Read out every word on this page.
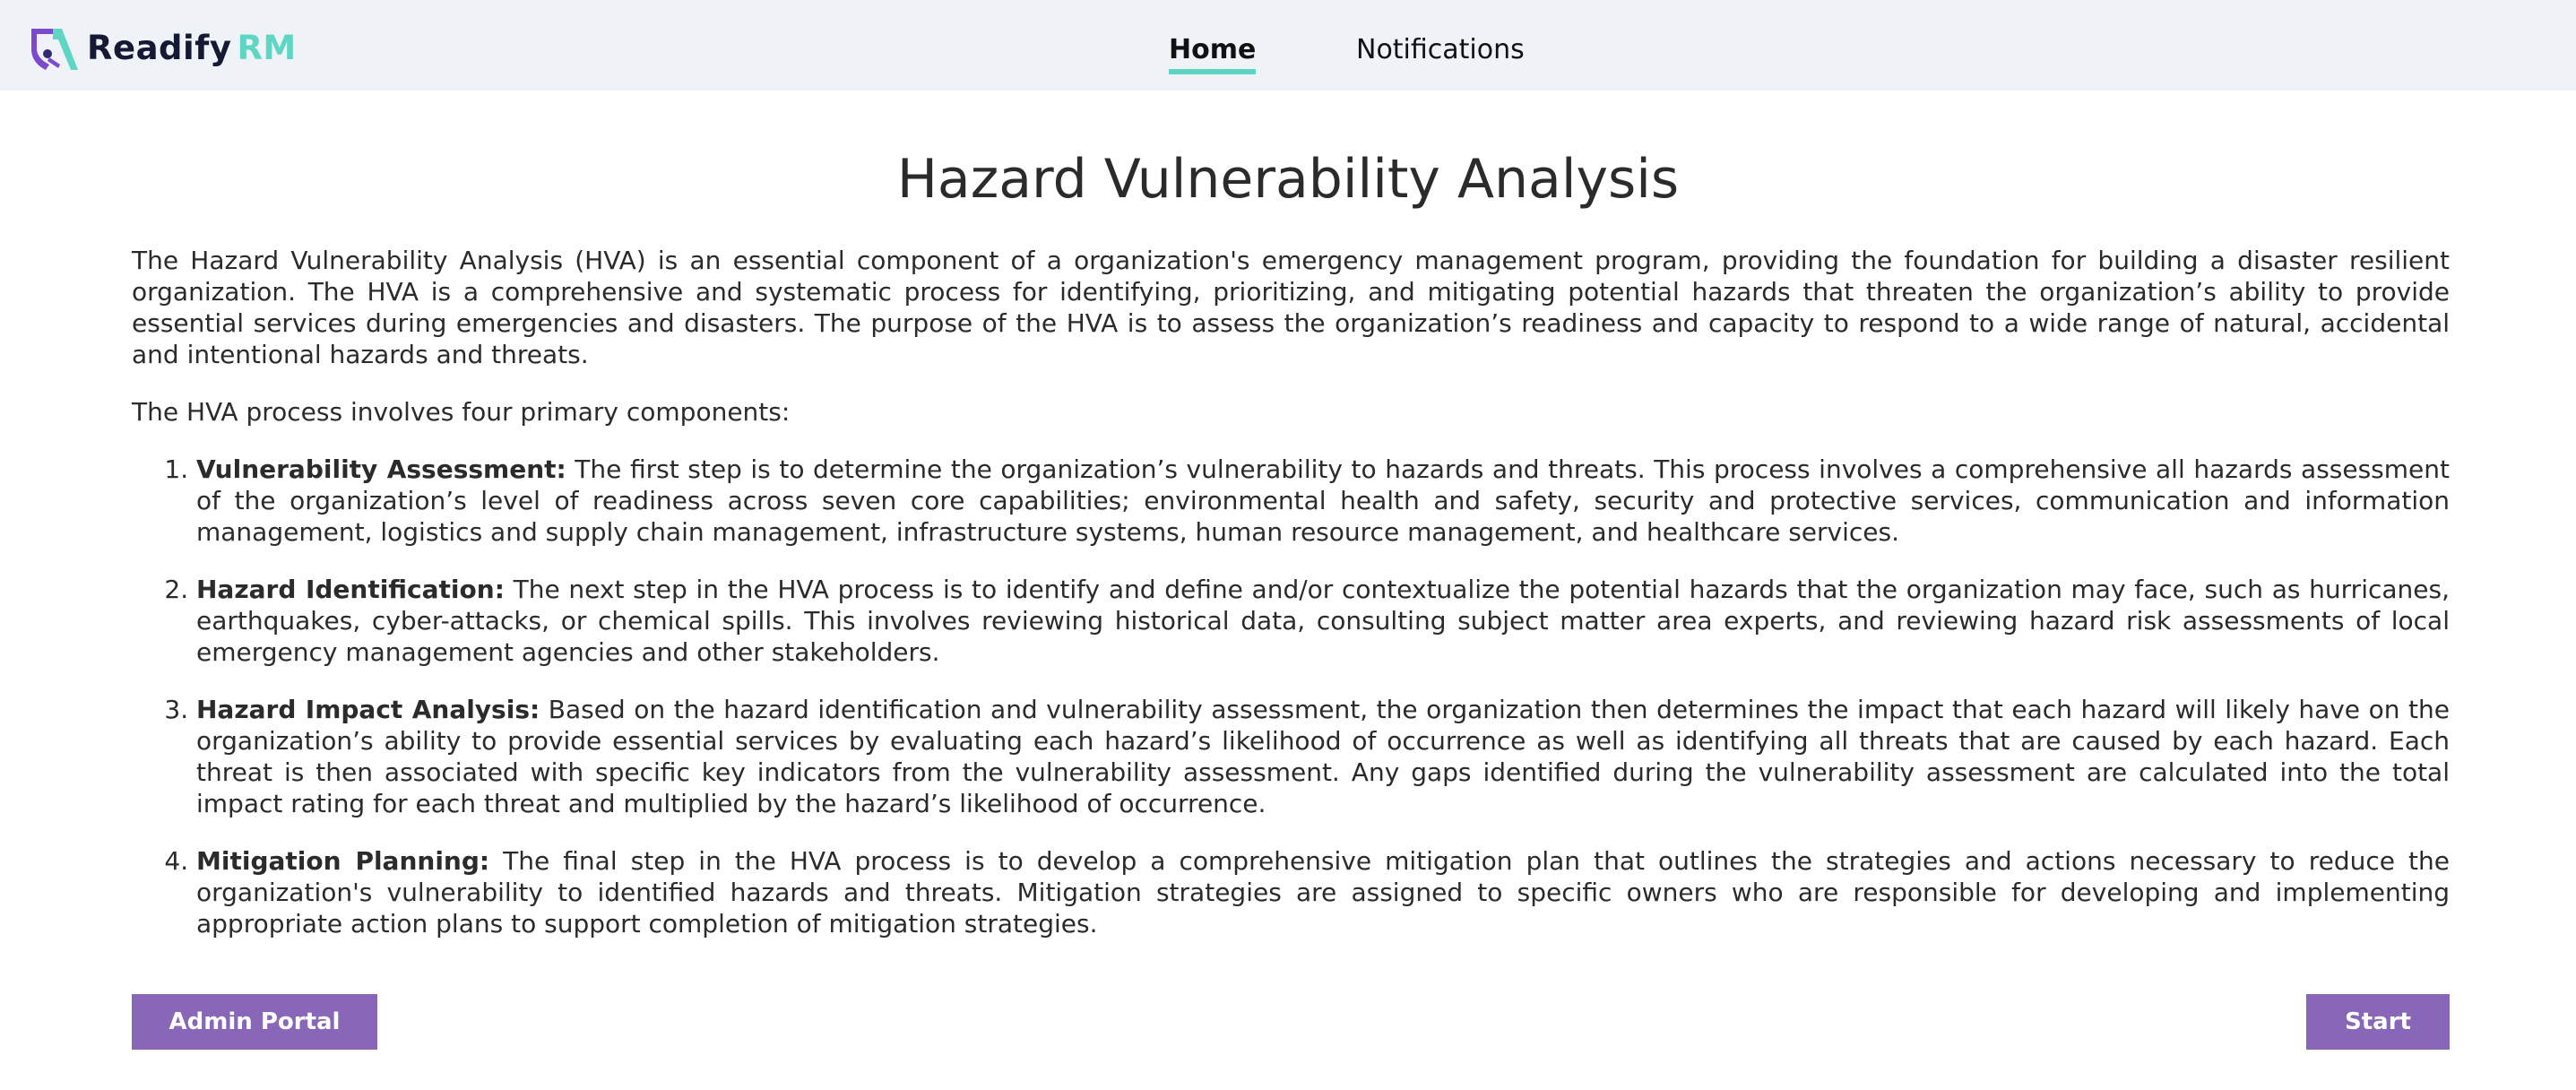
Readify RM	Home	Notifications
Hazard Vulnerability Analysis

The Hazard Vulnerability Analysis (HVA) is an essential component of a organization's emergency management program, providing the foundation for building a disaster resilient organization. The HVA is a comprehensive and systematic process for identifying, prioritizing, and mitigating potential hazards that threaten the organization’s ability to provide essential services during emergencies and disasters. The purpose of the HVA is to assess the organization’s readiness and capacity to respond to a wide range of natural, accidental and intentional hazards and threats.

The HVA process involves four primary components:

1. Vulnerability Assessment: The first step is to determine the organization’s vulnerability to hazards and threats. This process involves a comprehensive all hazards assessment of the organization’s level of readiness across seven core capabilities; environmental health and safety, security and protective services, communication and information management, logistics and supply chain management, infrastructure systems, human resource management, and healthcare services.
2. Hazard Identification: The next step in the HVA process is to identify and define and/or contextualize the potential hazards that the organization may face, such as hurricanes, earthquakes, cyber-attacks, or chemical spills. This involves reviewing historical data, consulting subject matter area experts, and reviewing hazard risk assessments of local emergency management agencies and other stakeholders.
3. Hazard Impact Analysis: Based on the hazard identification and vulnerability assessment, the organization then determines the impact that each hazard will likely have on the organization’s ability to provide essential services by evaluating each hazard’s likelihood of occurrence as well as identifying all threats that are caused by each hazard. Each threat is then associated with specific key indicators from the vulnerability assessment. Any gaps identified during the vulnerability assessment are calculated into the total impact rating for each threat and multiplied by the hazard’s likelihood of occurrence.
4. Mitigation Planning: The final step in the HVA process is to develop a comprehensive mitigation plan that outlines the strategies and actions necessary to reduce the organization's vulnerability to identified hazards and threats. Mitigation strategies are assigned to specific owners who are responsible for developing and implementing appropriate action plans to support completion of mitigation strategies.
Admin Portal	Start
